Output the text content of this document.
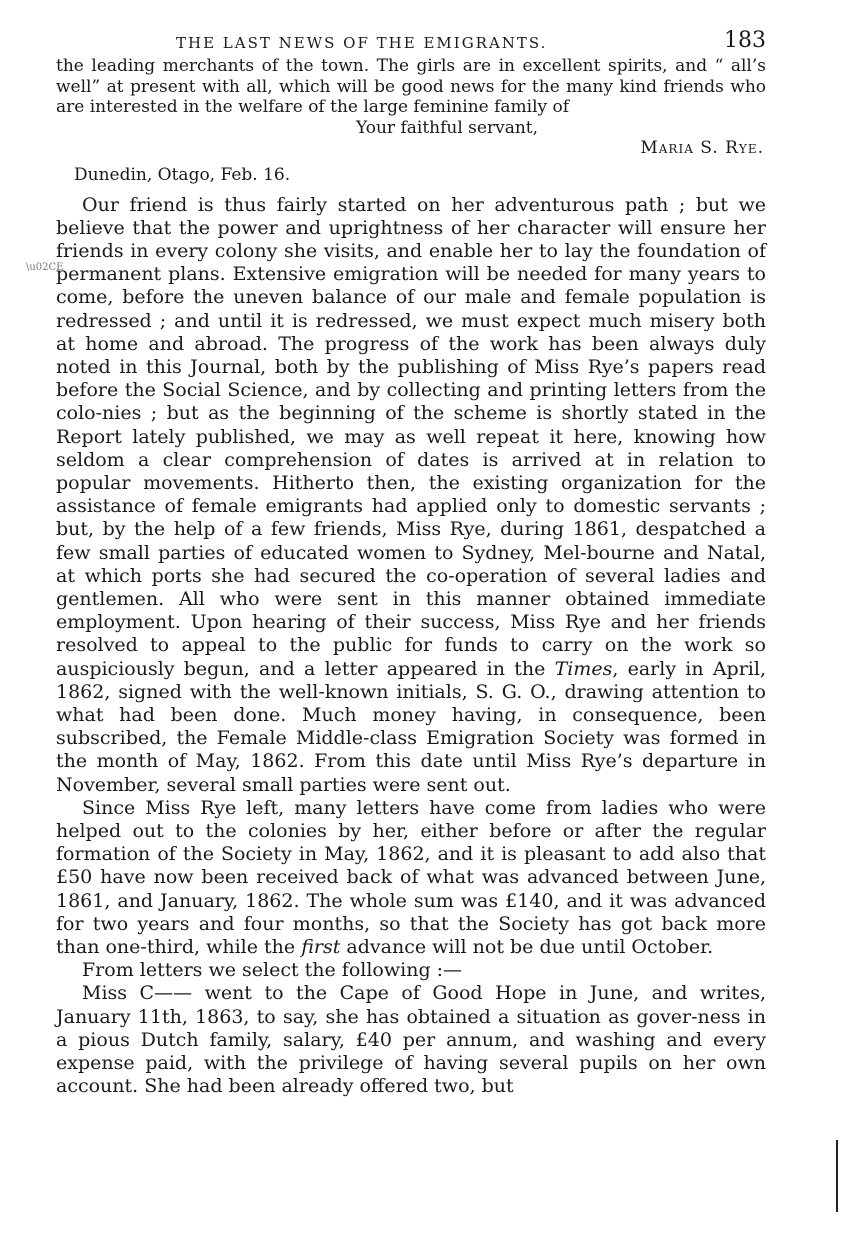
THE LAST NEWS OF THE EMIGRANTS.	183

the leading merchants of the town. The girls are in excellent spirits, and “ all’s well” at present with all, which will be good news for the many kind friends who are interested in the welfare of the large feminine family of

Your faithful servant,

Maria S. Rye.

Dunedin, Otago, Feb. 16.

Our friend is thus fairly started on her adventurous path ; but we believe that the power and uprightness of her character will ensure her friends in every colony she visits, and enable her to lay the foundation of permanent plans. Extensive emigration will be needed for many years to come, before the uneven balance of our male and female population is redressed ; and until it is redressed, we must expect much misery both at home and abroad. The progress of the work has been always duly noted in this Journal, both by the publishing of Miss Rye’s papers read before the Social Science, and by collecting and printing letters from the colo-nies ; but as the beginning of the scheme is shortly stated in the Report lately published, we may as well repeat it here, knowing how seldom a clear comprehension of dates is arrived at in relation to popular movements. Hitherto then, the existing organization for the assistance of female emigrants had applied only to domestic servants ; but, by the help of a few friends, Miss Rye, during 1861, despatched a few small parties of educated women to Sydney, Mel-bourne and Natal, at which ports she had secured the co-operation of several ladies and gentlemen. All who were sent in this manner obtained immediate employment. Upon hearing of their success, Miss Rye and her friends resolved to appeal to the public for funds to carry on the work so auspiciously begun, and a letter appeared in the Times, early in April, 1862, signed with the well-known initials, S. G. O., drawing attention to what had been done. Much money having, in consequence, been subscribed, the Female Middle-class Emigration Society was formed in the month of May, 1862. From this date until Miss Rye’s departure in November, several small parties were sent out.

Since Miss Rye left, many letters have come from ladies who were helped out to the colonies by her, either before or after the regular formation of the Society in May, 1862, and it is pleasant to add also that £50 have now been received back of what was advanced between June, 1861, and January, 1862. The whole sum was £140, and it was advanced for two years and four months, so that the Society has got back more than one-third, while the first advance will not be due until October.

From letters we select the following :—

Miss C—— went to the Cape of Good Hope in June, and writes, January 11th, 1863, to say, she has obtained a situation as gover-ness in a pious Dutch family, salary, £40 per annum, and washing and every expense paid, with the privilege of having several pupils on her own account. She had been already offered two, but

\u02CE
